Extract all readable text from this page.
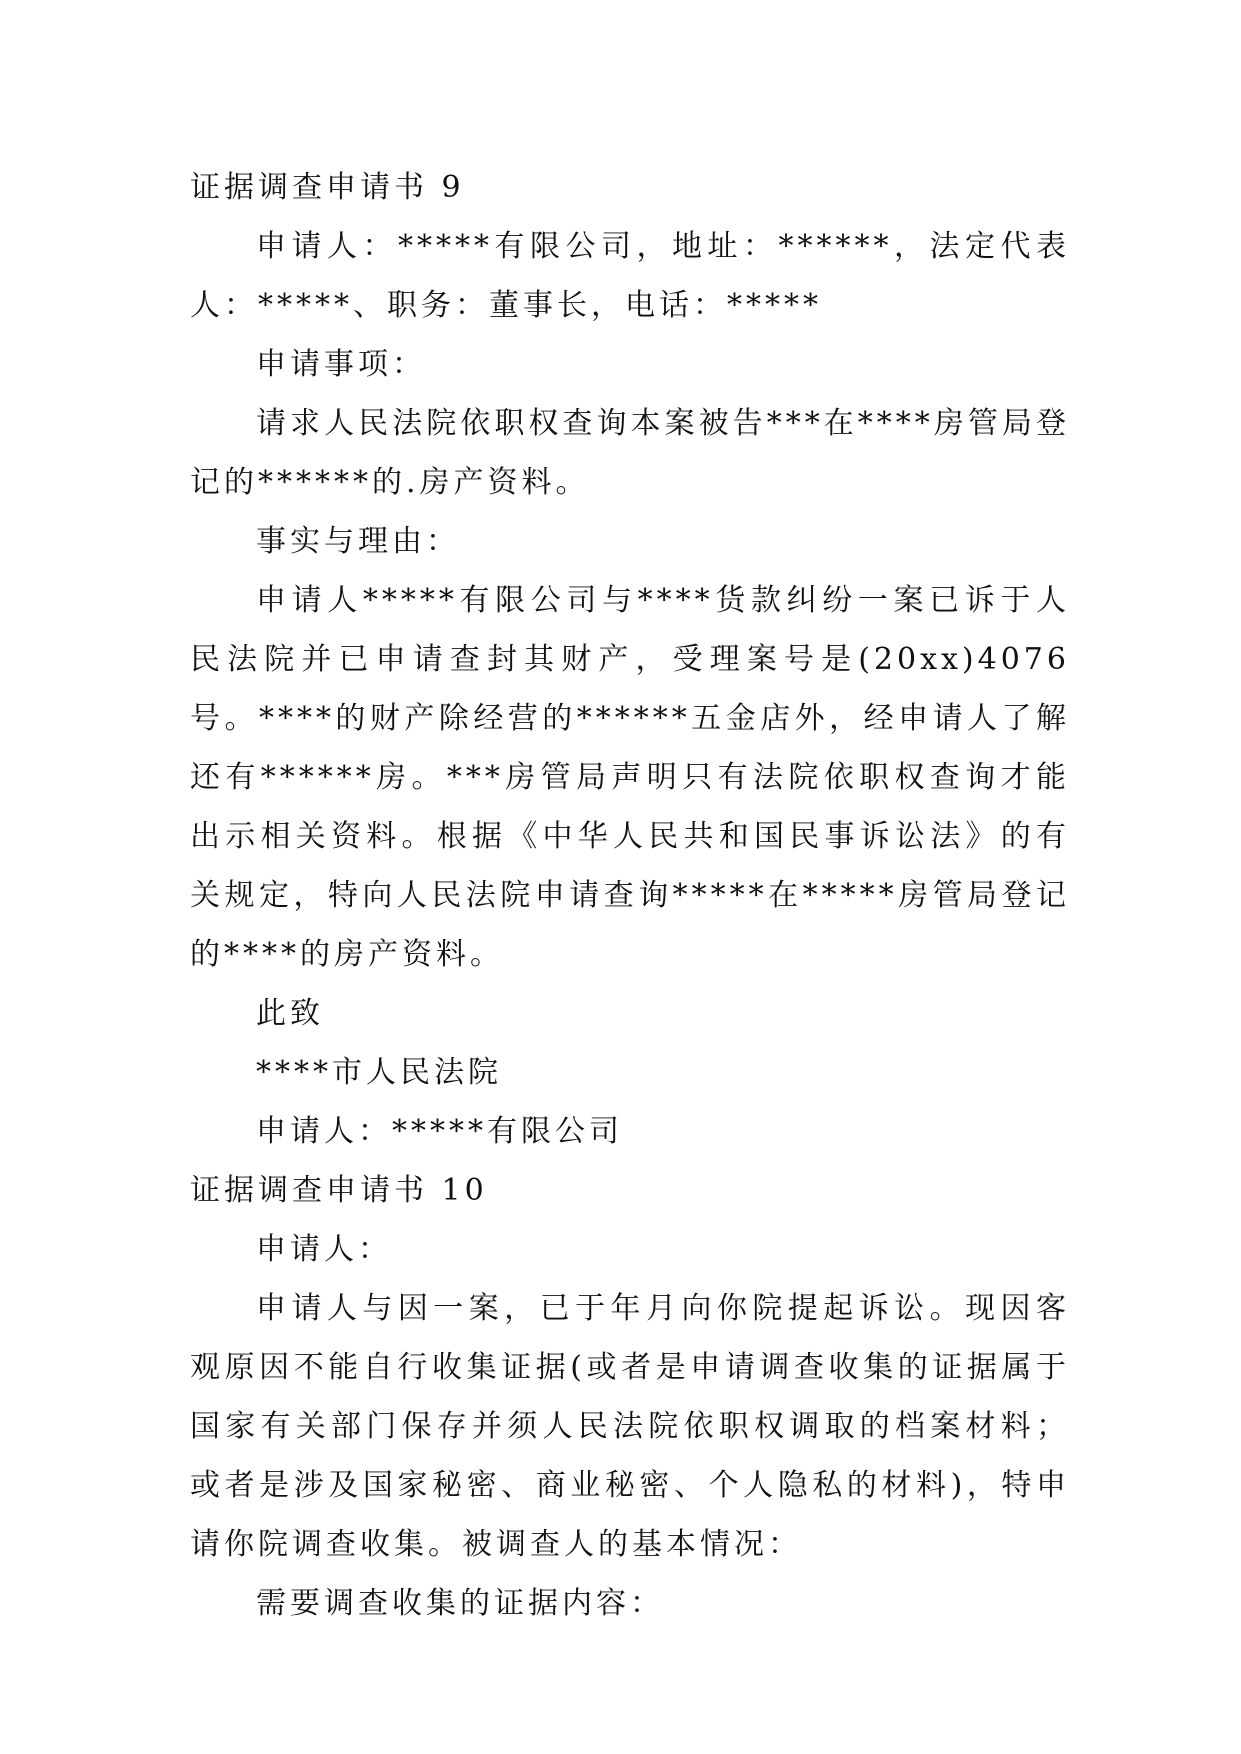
证据调查申请书 9

申请人：*****有限公司，地址：******，法定代表人：*****、职务：董事长，电话：*****

申请事项：

请求人民法院依职权查询本案被告***在****房管局登记的******的.房产资料。

事实与理由：

申请人*****有限公司与****货款纠纷一案已诉于人民法院并已申请查封其财产，受理案号是(20xx)4076号。****的财产除经营的******五金店外，经申请人了解还有******房。***房管局声明只有法院依职权查询才能出示相关资料。根据《中华人民共和国民事诉讼法》的有关规定，特向人民法院申请查询*****在*****房管局登记的****的房产资料。

此致

****市人民法院

申请人：*****有限公司

证据调查申请书 10

申请人：

申请人与因一案，已于年月向你院提起诉讼。现因客观原因不能自行收集证据(或者是申请调查收集的证据属于国家有关部门保存并须人民法院依职权调取的档案材料；或者是涉及国家秘密、商业秘密、个人隐私的材料)，特申请你院调查收集。被调查人的基本情况：

需要调查收集的证据内容：
